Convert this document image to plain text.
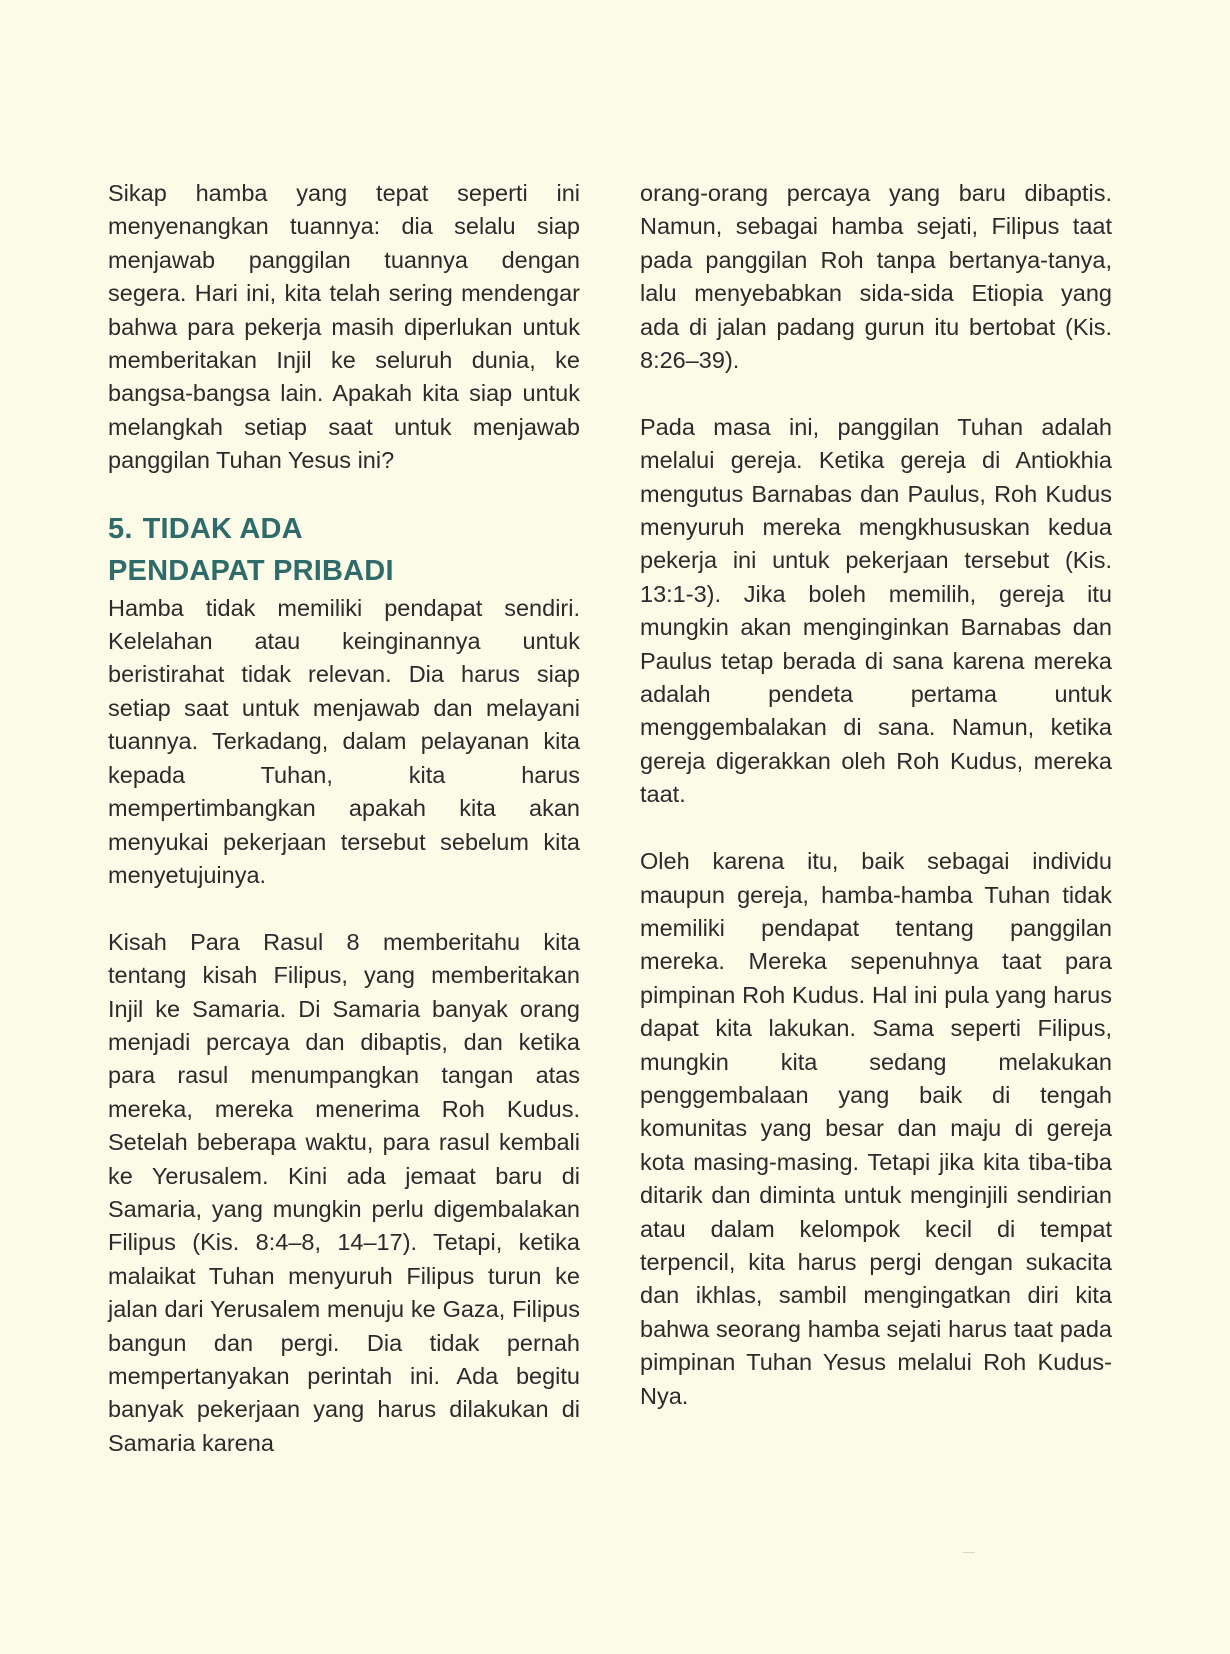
Sikap hamba yang tepat seperti ini menyenangkan tuannya: dia selalu siap menjawab panggilan tuannya dengan segera. Hari ini, kita telah sering mendengar bahwa para pekerja masih diperlukan untuk memberitakan Injil ke seluruh dunia, ke bangsa-bangsa lain. Apakah kita siap untuk melangkah setiap saat untuk menjawab panggilan Tuhan Yesus ini?

5. TIDAK ADA
PENDAPAT PRIBADI

Hamba tidak memiliki pendapat sendiri. Kelelahan atau keinginannya untuk beristirahat tidak relevan. Dia harus siap setiap saat untuk menjawab dan melayani tuannya. Terkadang, dalam pelayanan kita kepada Tuhan, kita harus mempertimbangkan apakah kita akan menyukai pekerjaan tersebut sebelum kita menyetujuinya.

Kisah Para Rasul 8 memberitahu kita tentang kisah Filipus, yang memberitakan Injil ke Samaria. Di Samaria banyak orang menjadi percaya dan dibaptis, dan ketika para rasul menumpangkan tangan atas mereka, mereka menerima Roh Kudus. Setelah beberapa waktu, para rasul kembali ke Yerusalem. Kini ada jemaat baru di Samaria, yang mungkin perlu digembalakan Filipus (Kis. 8:4–8, 14–17). Tetapi, ketika malaikat Tuhan menyuruh Filipus turun ke jalan dari Yerusalem menuju ke Gaza, Filipus bangun dan pergi. Dia tidak pernah mempertanyakan perintah ini. Ada begitu banyak pekerjaan yang harus dilakukan di Samaria karena

orang-orang percaya yang baru dibaptis. Namun, sebagai hamba sejati, Filipus taat pada panggilan Roh tanpa bertanya-tanya, lalu menyebabkan sida-sida Etiopia yang ada di jalan padang gurun itu bertobat (Kis. 8:26–39).

Pada masa ini, panggilan Tuhan adalah melalui gereja. Ketika gereja di Antiokhia mengutus Barnabas dan Paulus, Roh Kudus menyuruh mereka mengkhususkan kedua pekerja ini untuk pekerjaan tersebut (Kis. 13:1-3). Jika boleh memilih, gereja itu mungkin akan menginginkan Barnabas dan Paulus tetap berada di sana karena mereka adalah pendeta pertama untuk menggembalakan di sana. Namun, ketika gereja digerakkan oleh Roh Kudus, mereka taat.

Oleh karena itu, baik sebagai individu maupun gereja, hamba-hamba Tuhan tidak memiliki pendapat tentang panggilan mereka. Mereka sepenuhnya taat para pimpinan Roh Kudus. Hal ini pula yang harus dapat kita lakukan. Sama seperti Filipus, mungkin kita sedang melakukan penggembalaan yang baik di tengah komunitas yang besar dan maju di gereja kota masing-masing. Tetapi jika kita tiba-tiba ditarik dan diminta untuk menginjili sendirian atau dalam kelompok kecil di tempat terpencil, kita harus pergi dengan sukacita dan ikhlas, sambil mengingatkan diri kita bahwa seorang hamba sejati harus taat pada pimpinan Tuhan Yesus melalui Roh Kudus-Nya.
